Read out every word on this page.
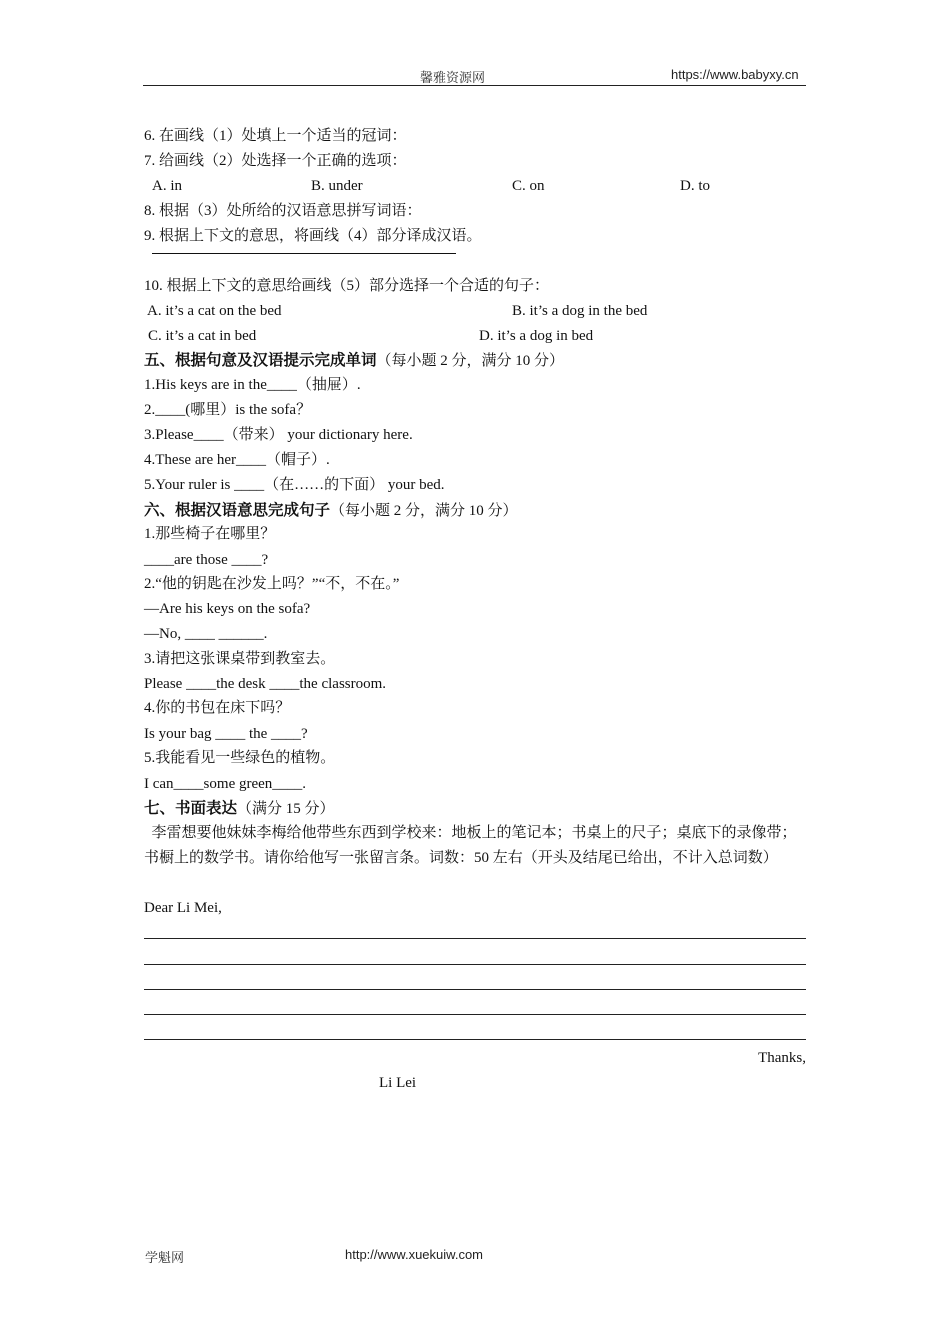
馨雅资源网	https://www.babyxy.cn
6. 在画线（1）处填上一个适当的冠词：
7. 给画线（2）处选择一个正确的选项：
A. in	B. under	C. on	D. to
8. 根据（3）处所给的汉语意思拼写词语：
9. 根据上下文的意思，将画线（4）部分译成汉语。
10. 根据上下文的意思给画线（5）部分选择一个合适的句子：
A. it’s a cat on the bed	B. it’s a dog in the bed
C. it’s a cat in bed	D. it’s a dog in bed
五、根据句意及汉语提示完成单词（每小题 2 分，满分 10 分）
1.His keys are in the____（抽屉）.
2.____(哪里）is the sofa？
3.Please____（带来） your dictionary here.
4.These are her____（帽子）.
5.Your ruler is ____（在……的下面） your bed.
六、根据汉语意思完成句子（每小题 2 分，满分 10 分）
1.那些椅子在哪里？
____are those ____?
2.“他的钥匙在沙发上吗？”“不，不在。”
—Are his keys on the sofa?
—No, ____ ______.
3.请把这张课桌带到教室去。
Please ____the desk ____the classroom.
4.你的书包在床下吗？
Is your bag ____ the ____?
5.我能看见一些绿色的植物。
I can____some green____.
七、书面表达（满分 15 分）
李雷想要他妹妹李梅给他带些东西到学校来：地板上的笔记本；书桌上的尺子；桌底下的录像带；书橱上的数学书。请你给他写一张留言条。词数：50 左右（开头及结尾已给出，不计入总词数）
Dear Li Mei,
Thanks,
Li Lei
学魁网	http://www.xuekuiw.com
